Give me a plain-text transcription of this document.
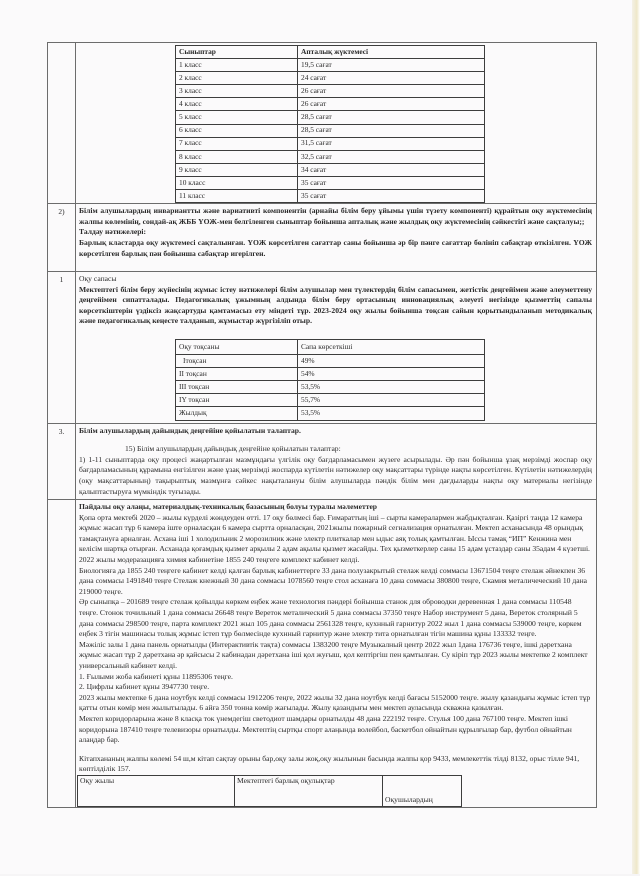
Сыныптар	Апталық жүктемесі
1 класс	19,5 сағат
2 класс	24 сағат
3 класс	26 сағат
4 класс	26 сағат
5 класс	28,5 сағат
6 класс	28,5 сағат
7 класс	31,5 сағат
8 класс	32,5 сағат
9 класс	34 сағат
10 класс	35 сағат
11 класс	35 сағат

2)	Білім алушылардың инвариантты және вариативті компонентін (арнайы білім беру ұйымы үшін түзету компоненті) құрайтын оқу жүктемесінің жалпы көлемінің, сондай-ақ ЖББ ҮОЖ-мен белгіленген сыныптар бойынша апталық және жылдық оқу жүктемесінің сәйкестігі және сақталуы;;

Талдау нәтижелері:

Барлық кластарда оқу жүктемесі сақталынған. ҮОЖ көрсетілген сағаттар саны бойынша әр бір пәнге сағаттар бөлініп сабақтар өткізілген. ҮОЖ көрсетілген барлық пән бойынша сабақтар игерілген.

1	Оқу сапасы

Мектептегі білім беру жүйесінің жұмыс істеу нәтижелері білім алушылар мен түлектердің білім сапасымен, жетістік деңгейімен және әлеуметтену деңгейімен сипатталады. Педагогикалық ұжымның алдында білім беру ортасының инновациялық әлеуеті негізінде қызметтің сапалы көрсеткіштерін үздіксіз жақсартуды қамтамасыз ету міндеті тұр. 2023-2024 оқу жылы бойынша тоқсан сайын қорытындыланып методикалық және педагогикалық кеңесте талданып, жұмыстар жүргізіліп отыр.

Оқу тоқсаны	Сапа көрсеткіші
Iтоқсан	49%
II тоқсан	54%
III тоқсан	53,5%
IY тоқсан	55,7%
Жылдық	53,5%

3.	Білім алушылардың дайындық деңгейіне қойылатын талаптар.

15) Білім алушылардың дайындық деңгейіне қойылатын талаптар:

1) 1-11 сыныптарда оқу процесі жаңартылған мазмұндағы үлгілік оқу бағдарламасымен жүзеге асырылады. Әр пән бойынша ұзақ мерзімді жоспар оқу бағдарламасының құрамына енгізілген және ұзақ мерзімді жоспарда күтілетін нәтижелер оқу мақсаттары түрінде нақты көрсетілген. Күтілетін нәтижелердің (оқу мақсаттарының) тақырыптық мазмұнға сәйкес нақыталануы білім алушыларда пәндік білім мен дағдыларды нақты оқу материалы негізінде қалыптастыруға мүмкіндік туғызады.

Пайдалы оқу алаңы, материалдық-техникалық базасының болуы туралы мәлеметтер

Қопа орта мектебі 2020 – жылы күрделі жөндеуден өтті. 17 оқу бөлмесі бар. Ғимараттың іші – сырты камералармен жабдықталған. Қазіргі таңда 12 камера жұмыс жасап тұр 6 камера іште орналасқан 6 камера сыртта орналасқан, 2021жылы пожарный сегнализация орнатылған. Мектеп асханасында 48 орындық тамақтануға арналған. Асхана іші 1 холодильник 2 морозилник және электр плиткалар мен ыдыс аяқ толық қамтылған. Ыссы тамақ “ИП” Кенжина мен келісім шартқа отырған. Асханада қоғамдық қызмет арқылы 2 адам ақылы қызмет жасайды. Тех қызметкерлер саны 15 адам ұстаздар саны 35адам 4 күзетші.

2022 жылы модеразацияға химия кабинетіне 1855 240 теңгеге комплект кабинет келді.

Биологияға да 1855 240 теңгеге кабинет келді қалған барлық кабинеттерге 33 дана полузакрытый стелаж келді соммасы 13671504 теңге стелаж әйнекпен 36 дана соммасы 1491840 теңге Стелаж кнежный 30 дана соммасы 1078560 теңге стол асханаға 10 дана соммасы 380800 теңге, Скамия металичеческий 10 дана 219000 теңге.

Әр сыныпқа – 201689 теңге стелаж қойылды көркем еңбек және технология пәндері бойынша станок для оброводки деревенная 1 дана соммасы 110548 теңге. Стонок точильный 1 дана соммасы 26648 теңге Вереток металический 5 дана соммасы 37350 теңге Набор инструмент 5 дана, Вереток столярный 5 дана соммасы 298500 теңге, парта комплект 2021 жыл 105 дана соммасы 2561328 теңге, кухнный гарнитур 2022 жыл 1 дана соммасы 539000 теңге, көркем еңбек 3 тігін машинасы толық жұмыс істеп тұр бөлмесінде кухнный гарнитур және электр тита орнатылған тігін машина құны 133332 теңге.

Мәжіліс залы 1 дана панель орнатылды (Интерактивтік тақта) соммасы 1383200 теңге Музыкалный центр 2022 жыл 1дана 176736 теңге, ішкі дәретхана жұмыс жасап тұр 2 дәретхана әр қайсысы 2 кабинадан дәретхана іші қол жуғыш, қол кептіргіш пен қамтылған. Су кіріп тұр 2023 жылы мектепке 2 комплект универсальный кабинет келді.

1. Ғылыми жоба кабинеті құны 11895306 теңге.

2. Цифрлы кабинет құны 3947730 теңге.

2023 жылы мектепке 6 дана ноутбук келді соммасы 1912206 теңге, 2022 жылы 32 дана ноутбук келді бағасы 5152000 теңге. жылу қазандығы жұмыс істеп тұр қатты отын көмір мен жылытылады. 6 айға 350 тонна көмір жағылады. Жылу қазандығы мен мектеп ауласында скважна қазылған.

Мектеп коридорларына және 8 класқа ток үнемдегіш светодиот шамдары орнатылды 48 дана 222192 теңге. Стулья 100 дана 767100 теңге. Мектеп ішкі коридорына 187410 теңге телевизоры орнатылды. Мектептің сыртқы спорт алаңында волейбол, баскетбол ойнайтын құрылғылар бар, футбол ойнайтын алаңдар бар.

Кітапхананың жалпы көлемі 54 ш,м кітап сақтау орыны бар,оқу залы жоқ,оқу жылынын басында жалпы қор 9433, мемлекеттік тілді 8132, орыс тілле 941, көптілділік 157.

Оқу жылы	Мектептегі барлық оқулықтар	Оқушылардың
